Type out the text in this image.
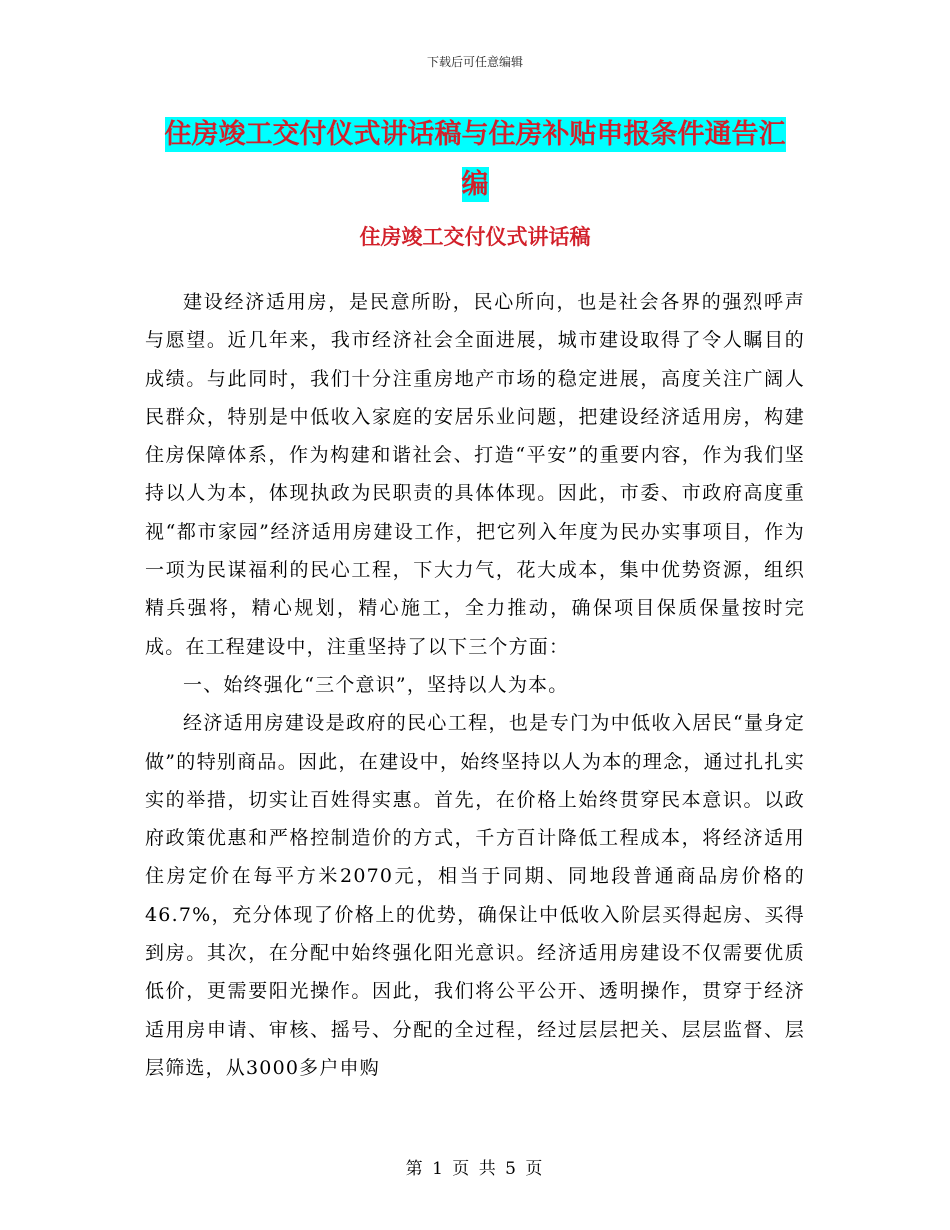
下载后可任意编辑
住房竣工交付仪式讲话稿与住房补贴申报条件通告汇
编
住房竣工交付仪式讲话稿

建设经济适用房，是民意所盼，民心所向，也是社会各界的强烈呼声与愿望。近几年来，我市经济社会全面进展，城市建设取得了令人瞩目的成绩。与此同时，我们十分注重房地产市场的稳定进展，高度关注广阔人民群众，特别是中低收入家庭的安居乐业问题，把建设经济适用房，构建住房保障体系，作为构建和谐社会、打造“平安”的重要内容，作为我们坚持以人为本，体现执政为民职责的具体体现。因此，市委、市政府高度重视“都市家园”经济适用房建设工作，把它列入年度为民办实事项目，作为一项为民谋福利的民心工程，下大力气，花大成本，集中优势资源，组织精兵强将，精心规划，精心施工，全力推动，确保项目保质保量按时完成。在工程建设中，注重坚持了以下三个方面：

一、始终强化“三个意识”，坚持以人为本。

经济适用房建设是政府的民心工程，也是专门为中低收入居民“量身定做”的特别商品。因此，在建设中，始终坚持以人为本的理念，通过扎扎实实的举措，切实让百姓得实惠。首先，在价格上始终贯穿民本意识。以政府政策优惠和严格控制造价的方式，千方百计降低工程成本，将经济适用住房定价在每平方米2070元，相当于同期、同地段普通商品房价格的46.7%，充分体现了价格上的优势，确保让中低收入阶层买得起房、买得到房。其次，在分配中始终强化阳光意识。经济适用房建设不仅需要优质低价，更需要阳光操作。因此，我们将公平公开、透明操作，贯穿于经济适用房申请、审核、摇号、分配的全过程，经过层层把关、层层监督、层层筛选，从3000多户申购

第 1 页 共 5 页
